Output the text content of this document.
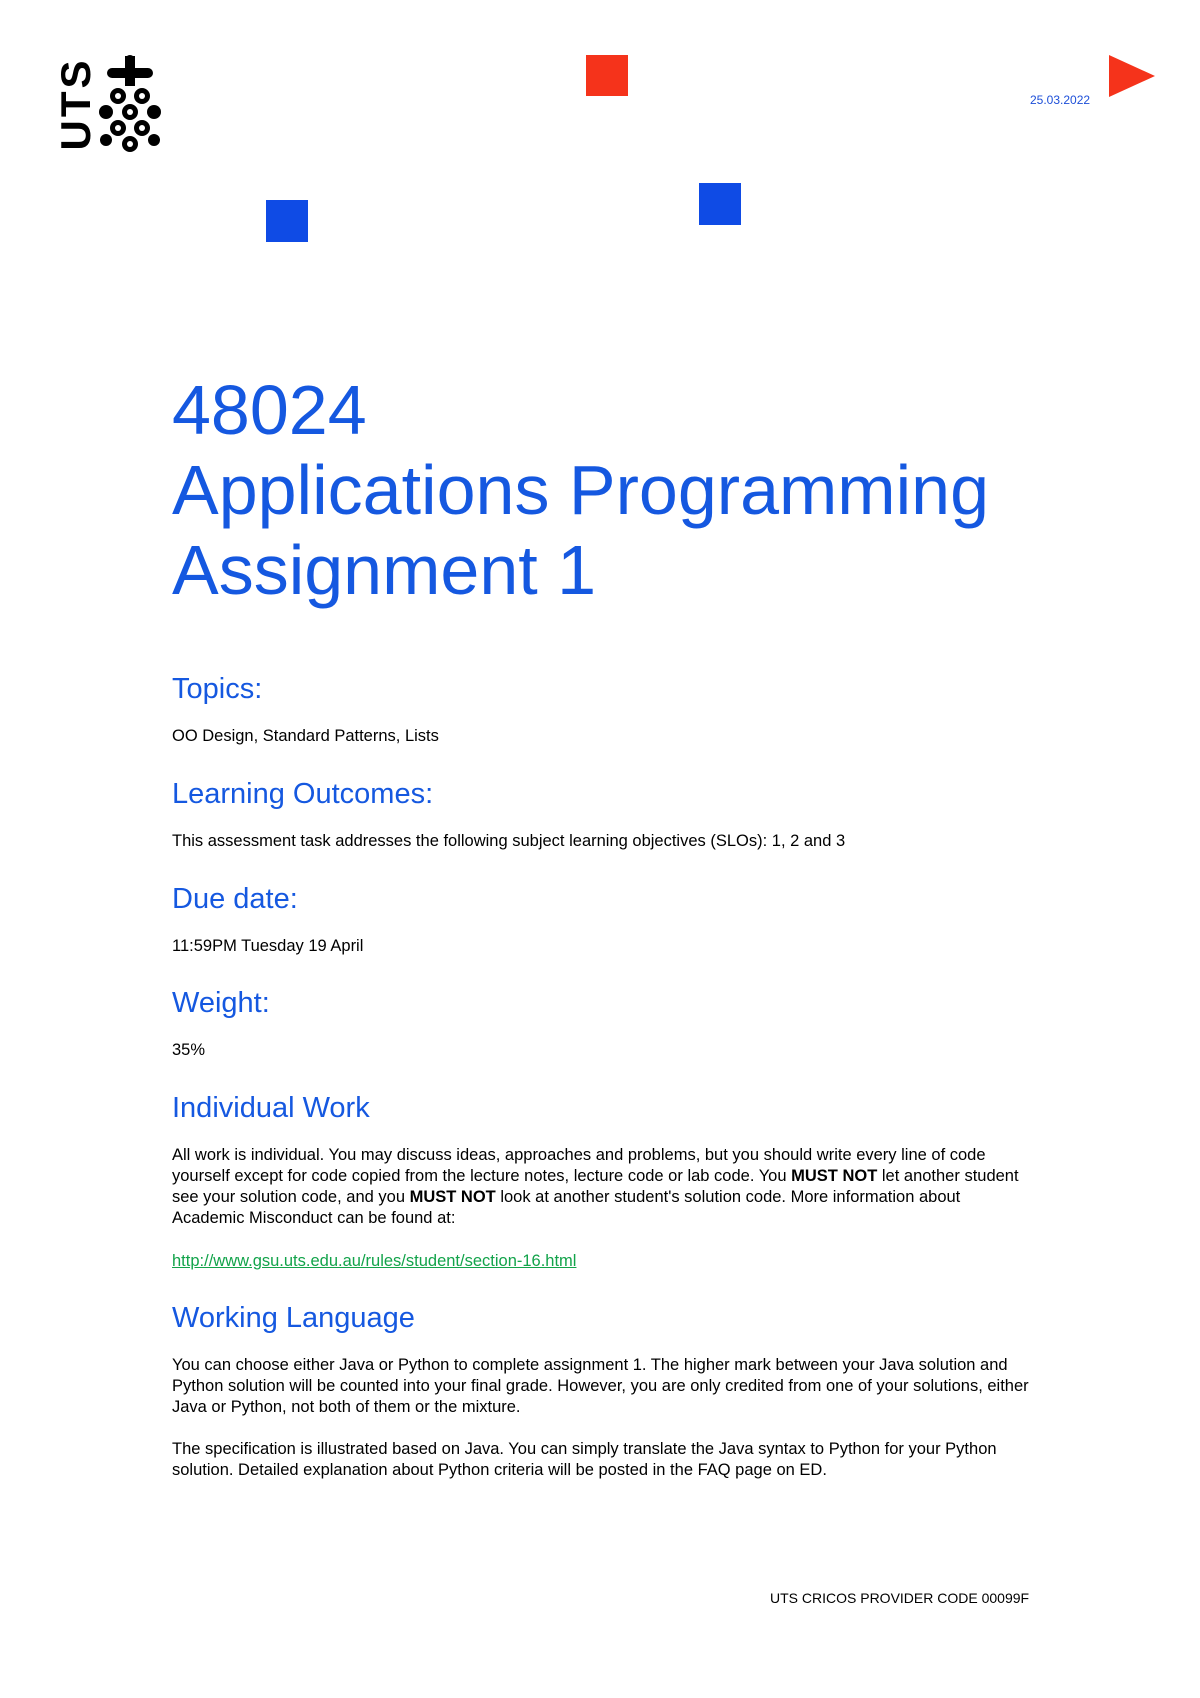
UTS	25.03.2022
48024
Applications Programming
Assignment 1
Topics:

OO Design, Standard Patterns, Lists

Learning Outcomes:

This assessment task addresses the following subject learning objectives (SLOs): 1, 2 and 3

Due date:

11:59PM Tuesday 19 April

Weight:

35%

Individual Work

All work is individual. You may discuss ideas, approaches and problems, but you should write every line of code yourself except for code copied from the lecture notes, lecture code or lab code. You MUST NOT let another student see your solution code, and you MUST NOT look at another student's solution code. More information about Academic Misconduct can be found at:

http://www.gsu.uts.edu.au/rules/student/section-16.html

Working Language

You can choose either Java or Python to complete assignment 1. The higher mark between your Java solution and Python solution will be counted into your final grade. However, you are only credited from one of your solutions, either Java or Python, not both of them or the mixture.

The specification is illustrated based on Java. You can simply translate the Java syntax to Python for your Python solution. Detailed explanation about Python criteria will be posted in the FAQ page on ED.

UTS CRICOS PROVIDER CODE 00099F
